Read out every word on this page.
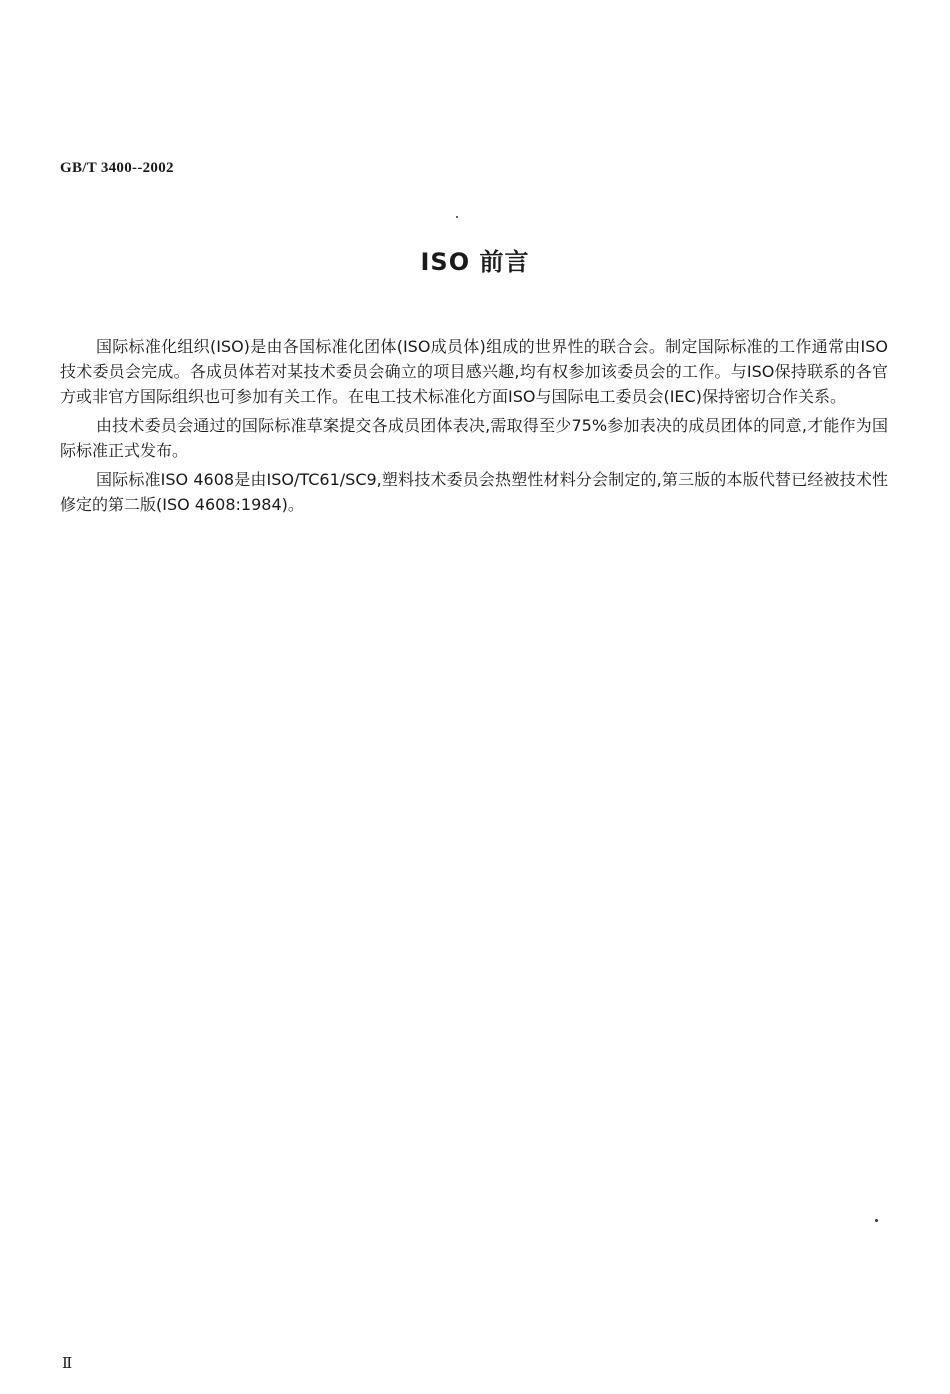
GB/T 3400--2002
ISO 前言

国际标准化组织(ISO)是由各国标准化团体(ISO成员体)组成的世界性的联合会。制定国际标准的工作通常由ISO技术委员会完成。各成员体若对某技术委员会确立的项目感兴趣,均有权参加该委员会的工作。与ISO保持联系的各官方或非官方国际组织也可参加有关工作。在电工技术标准化方面ISO与国际电工委员会(IEC)保持密切合作关系。

由技术委员会通过的国际标准草案提交各成员团体表决,需取得至少75%参加表决的成员团体的同意,才能作为国际标准正式发布。

国际标准ISO 4608是由ISO/TC61/SC9,塑料技术委员会热塑性材料分会制定的,第三版的本版代替已经被技术性修定的第二版(ISO 4608:1984)。

Ⅱ
